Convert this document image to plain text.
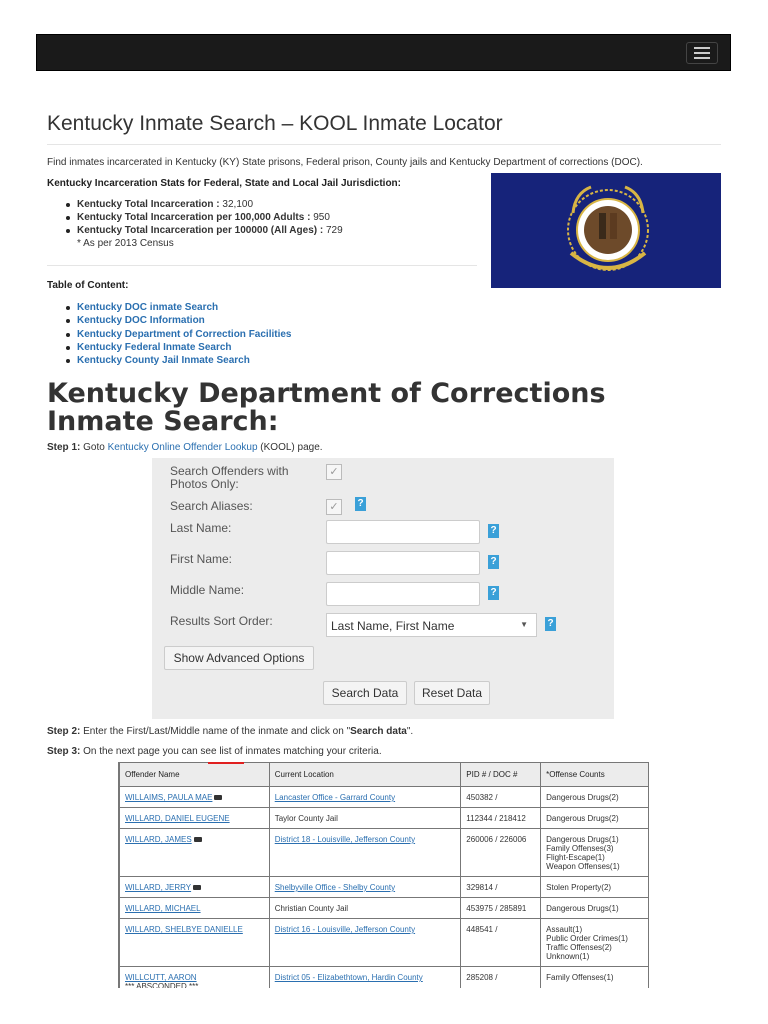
Kentucky Inmate Search – KOOL Inmate Locator

Find inmates incarcerated in Kentucky (KY) State prisons, Federal prison, County jails and Kentucky Department of corrections (DOC).

Kentucky Incarceration Stats for Federal, State and Local Jail Jurisdiction:

Kentucky Total Incarceration : 32,100
Kentucky Total Incarceration per 100,000 Adults : 950
Kentucky Total Incarceration per 100000 (All Ages) : 729
* As per 2013 Census

Table of Content:

Kentucky DOC inmate Search
Kentucky DOC Information
Kentucky Department of Correction Facilities
Kentucky Federal Inmate Search
Kentucky County Jail Inmate Search
Kentucky Department of Corrections Inmate Search:

Step 1: Goto Kentucky Online Offender Lookup (KOOL) page.

Search Offenders with Photos Only:
✓
Search Aliases:	✓	?
Last Name:	?
First Name:	?
Middle Name:	?
Results Sort Order:	Last Name, First Name	▼ ?
Show Advanced Options
Search Data	Reset Data

Step 2: Enter the First/Last/Middle name of the inmate and click on "Search data".

Step 3: On the next page you can see list of inmates matching your criteria.

Offender Name	Current Location	PID # / DOC #	*Offense Counts
WILLAIMS, PAULA MAE	Lancaster Office - Garrard County	450382 /	Dangerous Drugs(2)

WILLARD, DANIEL EUGENE	Taylor County Jail	112344 / 218412	Dangerous Drugs(2)

WILLARD, JAMES	District 18 - Louisville, Jefferson County	260006 / 226006	Dangerous Drugs(1)
Family Offenses(3)
Flight-Escape(1)
Weapon Offenses(1)

WILLARD, JERRY	Shelbyville Office - Shelby County	329814 /	Stolen Property(2)

WILLARD, MICHAEL	Christian County Jail	453975 / 285891	Dangerous Drugs(1)

WILLARD, SHELBYE DANIELLE	District 16 - Louisville, Jefferson County	448541 /	Assault(1)
Public Order Crimes(1)
Traffic Offenses(2)
Unknown(1)

WILLCUTT, AARON
*** ABSCONDED ***	District 05 - Elizabethtown, Hardin County	285208 /	Family Offenses(1)
